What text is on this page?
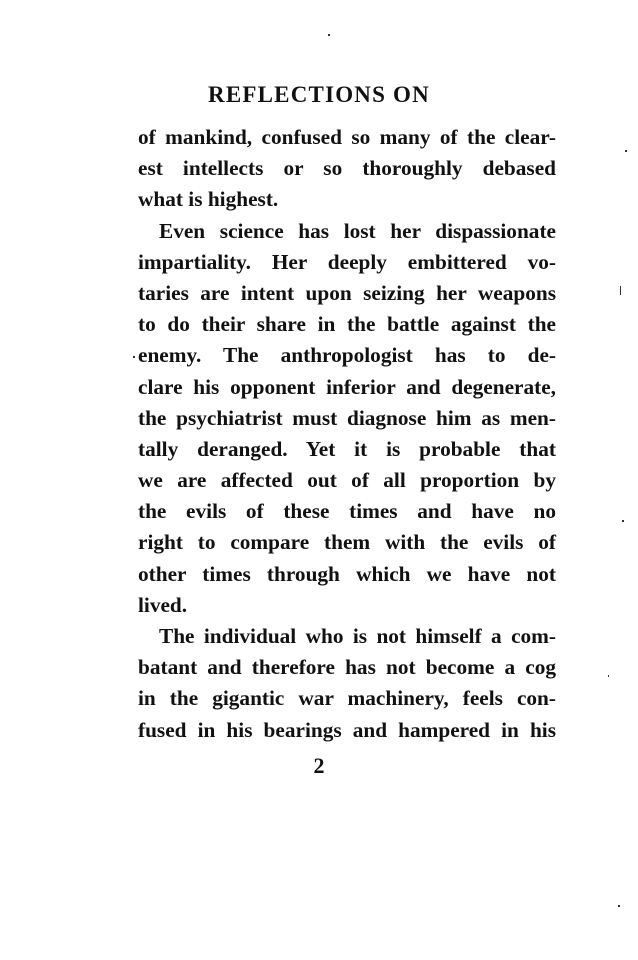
REFLECTIONS ON
of mankind, confused so many of the clear-
est intellects or so thoroughly debased
what is highest.
Even science has lost her dispassionate
impartiality. Her deeply embittered vo-
taries are intent upon seizing her weapons
to do their share in the battle against the
enemy. The anthropologist has to de-
clare his opponent inferior and degenerate,
the psychiatrist must diagnose him as men-
tally deranged. Yet it is probable that
we are affected out of all proportion by
the evils of these times and have no
right to compare them with the evils of
other times through which we have not
lived.
The individual who is not himself a com-
batant and therefore has not become a cog
in the gigantic war machinery, feels con-
fused in his bearings and hampered in his
2
